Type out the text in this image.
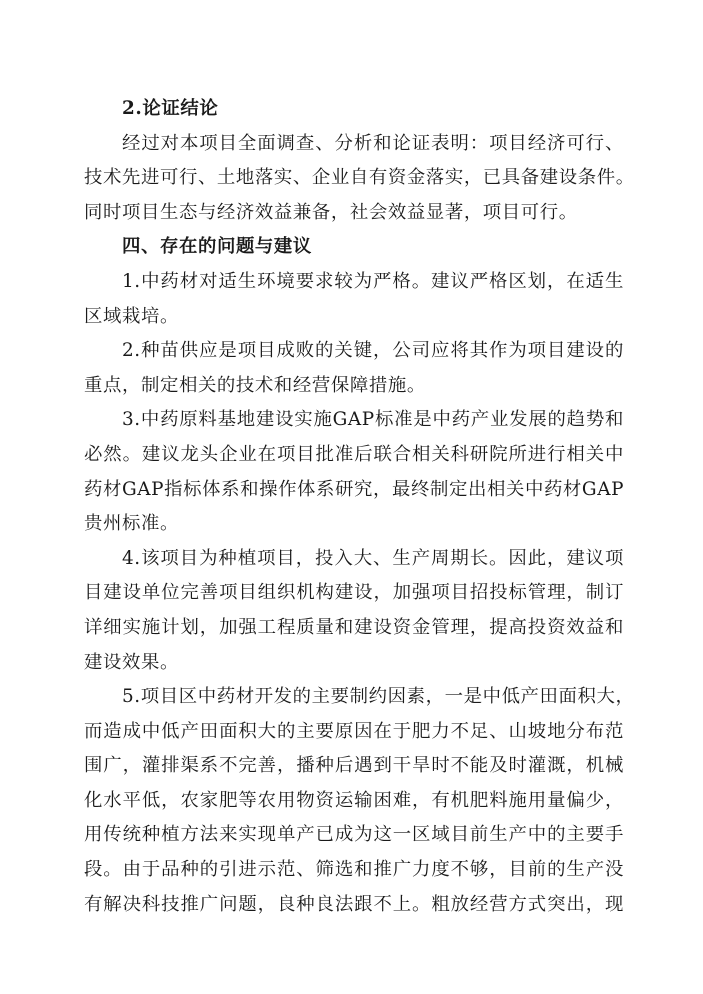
2.论证结论
经过对本项目全面调查、分析和论证表明：项目经济可行、
技术先进可行、土地落实、企业自有资金落实，已具备建设条件。
同时项目生态与经济效益兼备，社会效益显著，项目可行。
四、存在的问题与建议
1.中药材对适生环境要求较为严格。建议严格区划，在适生
区域栽培。
2.种苗供应是项目成败的关键，公司应将其作为项目建设的
重点，制定相关的技术和经营保障措施。
3.中药原料基地建设实施GAP标准是中药产业发展的趋势和
必然。建议龙头企业在项目批准后联合相关科研院所进行相关中
药材GAP指标体系和操作体系研究，最终制定出相关中药材GAP
贵州标准。
4.该项目为种植项目，投入大、生产周期长。因此，建议项
目建设单位完善项目组织机构建设，加强项目招投标管理，制订
详细实施计划，加强工程质量和建设资金管理，提高投资效益和
建设效果。
5.项目区中药材开发的主要制约因素，一是中低产田面积大，
而造成中低产田面积大的主要原因在于肥力不足、山坡地分布范
围广，灌排渠系不完善，播种后遇到干旱时不能及时灌溉，机械
化水平低，农家肥等农用物资运输困难，有机肥料施用量偏少，
用传统种植方法来实现单产已成为这一区域目前生产中的主要手
段。由于品种的引进示范、筛选和推广力度不够，目前的生产没
有解决科技推广问题，良种良法跟不上。粗放经营方式突出，现
